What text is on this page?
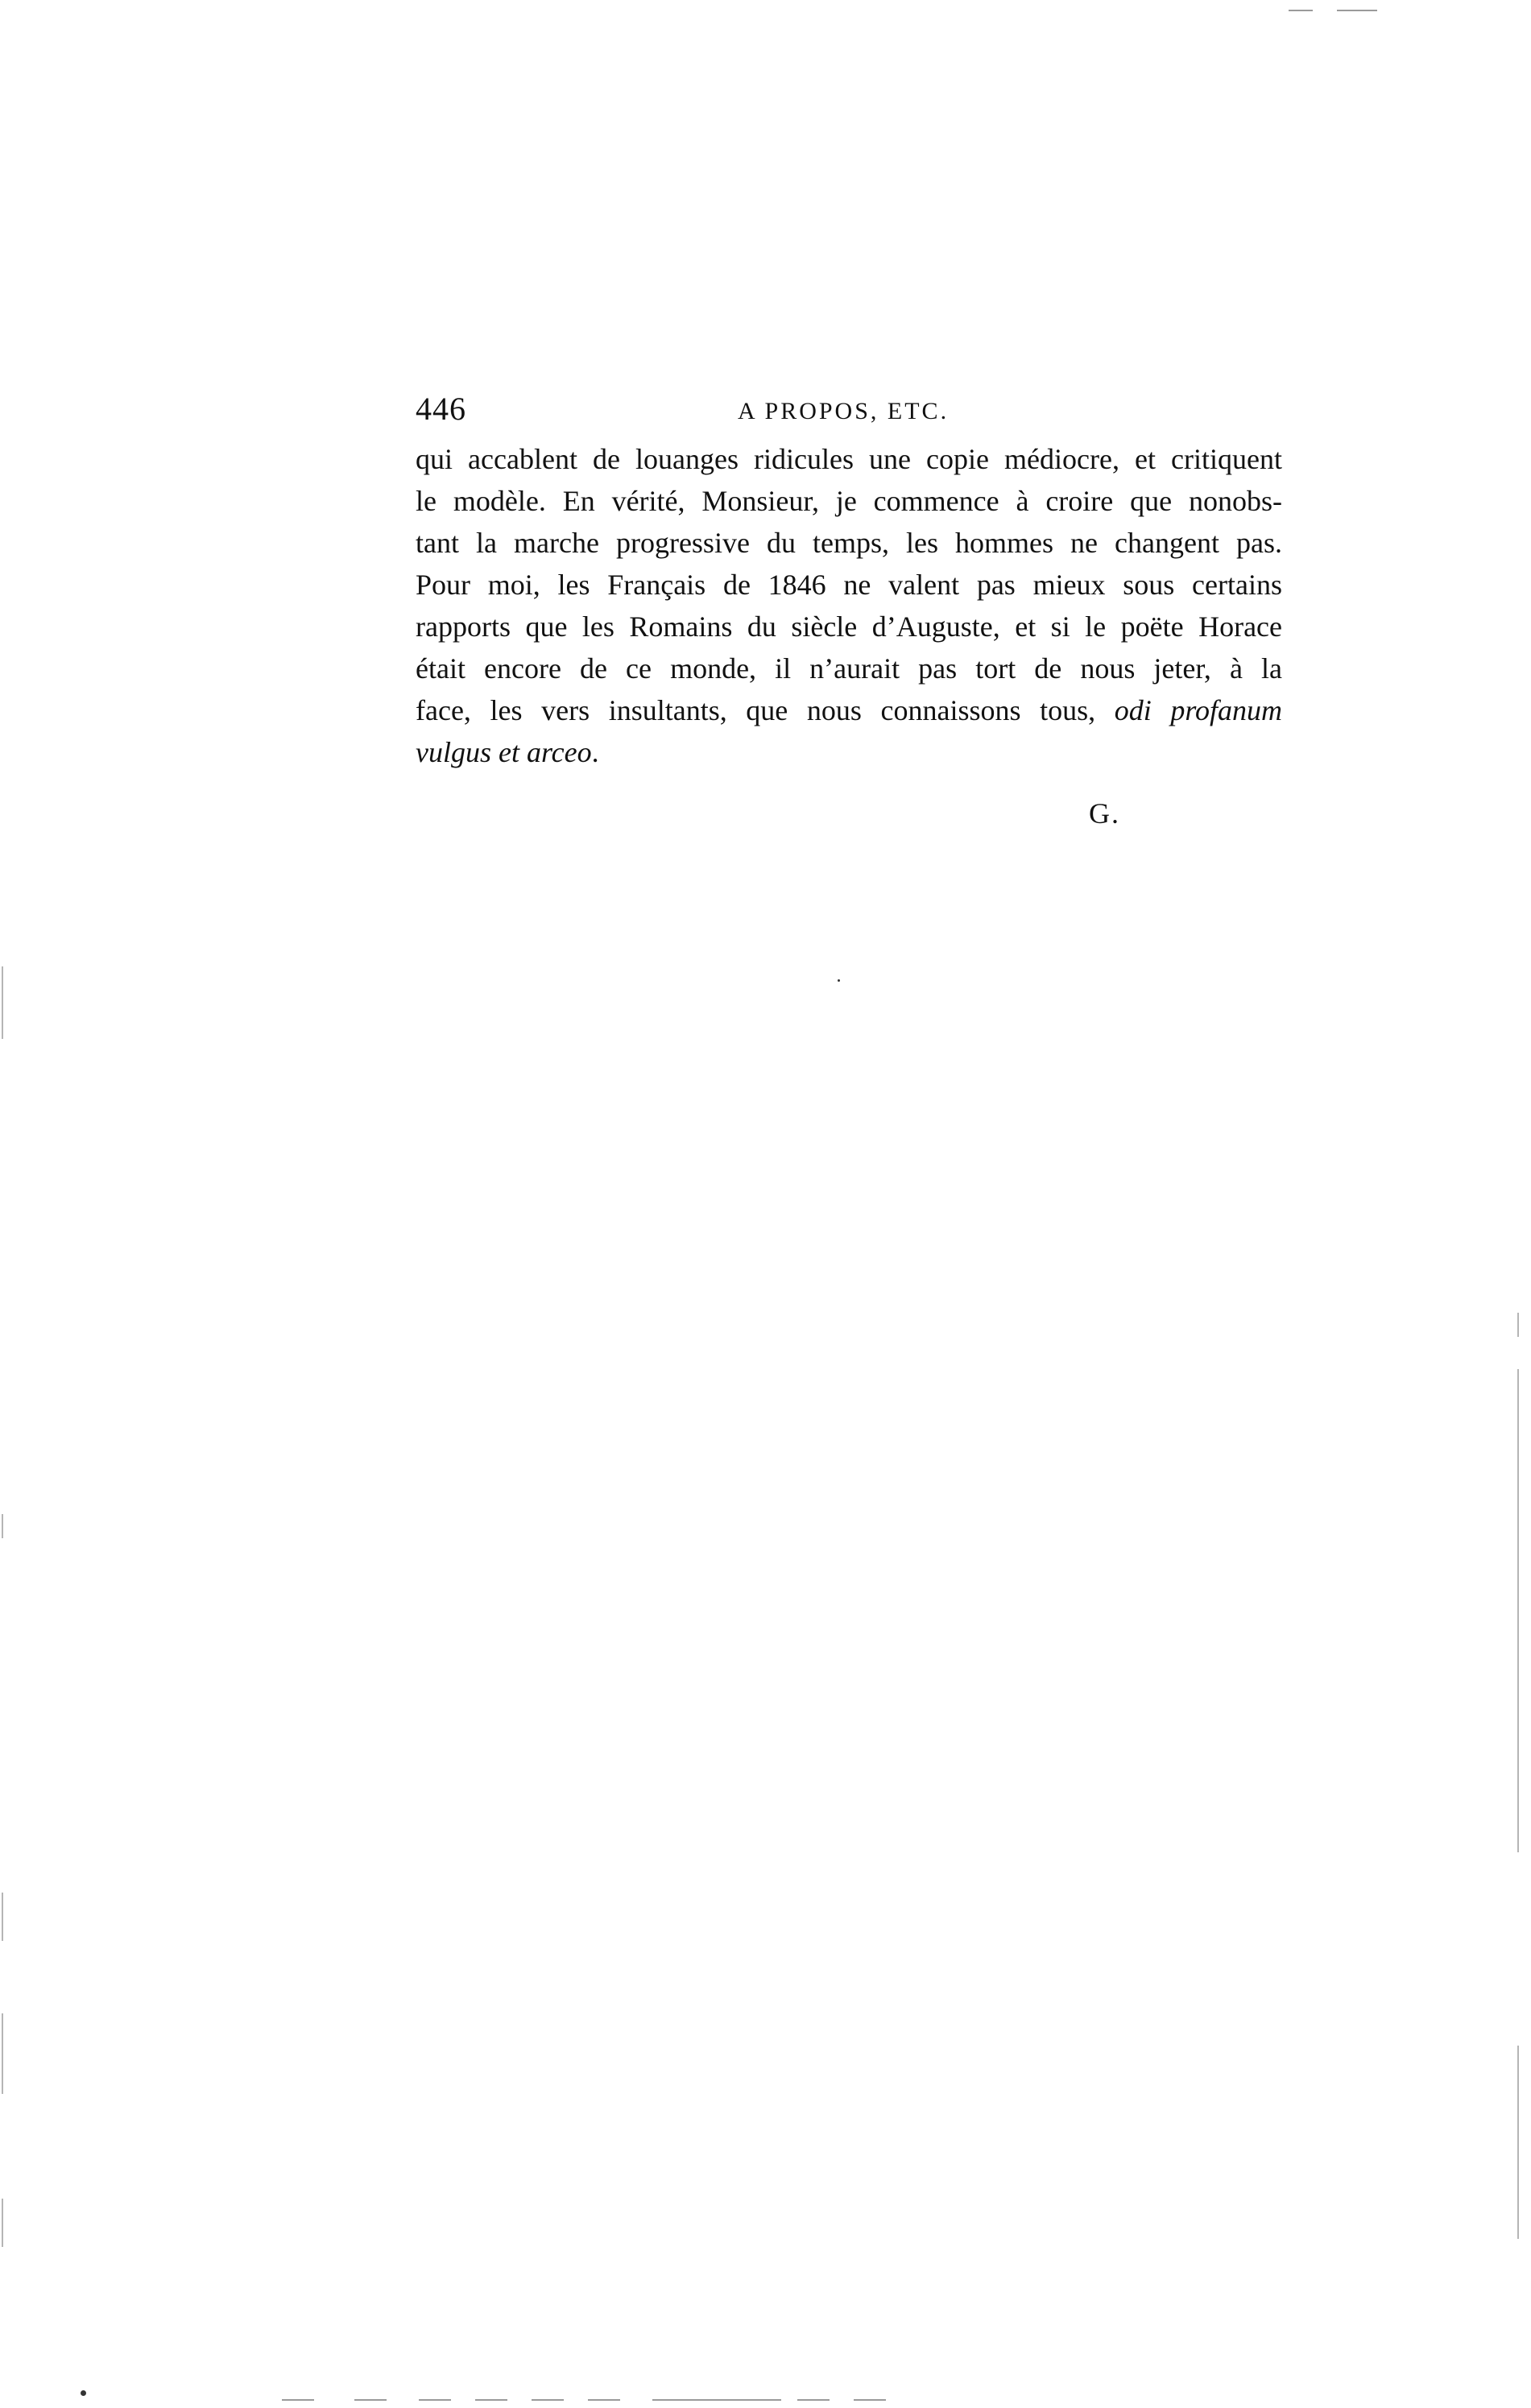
446	A PROPOS, ETC.
qui accablent de louanges ridicules une copie médiocre, et critiquent
le modèle. En vérité, Monsieur, je commence à croire que nonobs-
tant la marche progressive du temps, les hommes ne changent pas.
Pour moi, les Français de 1846 ne valent pas mieux sous certains
rapports que les Romains du siècle d’Auguste, et si le poëte Horace
était encore de ce monde, il n’aurait pas tort de nous jeter, à la
face, les vers insultants, que nous connaissons tous, odi profanum
vulgus et arceo.
G.
